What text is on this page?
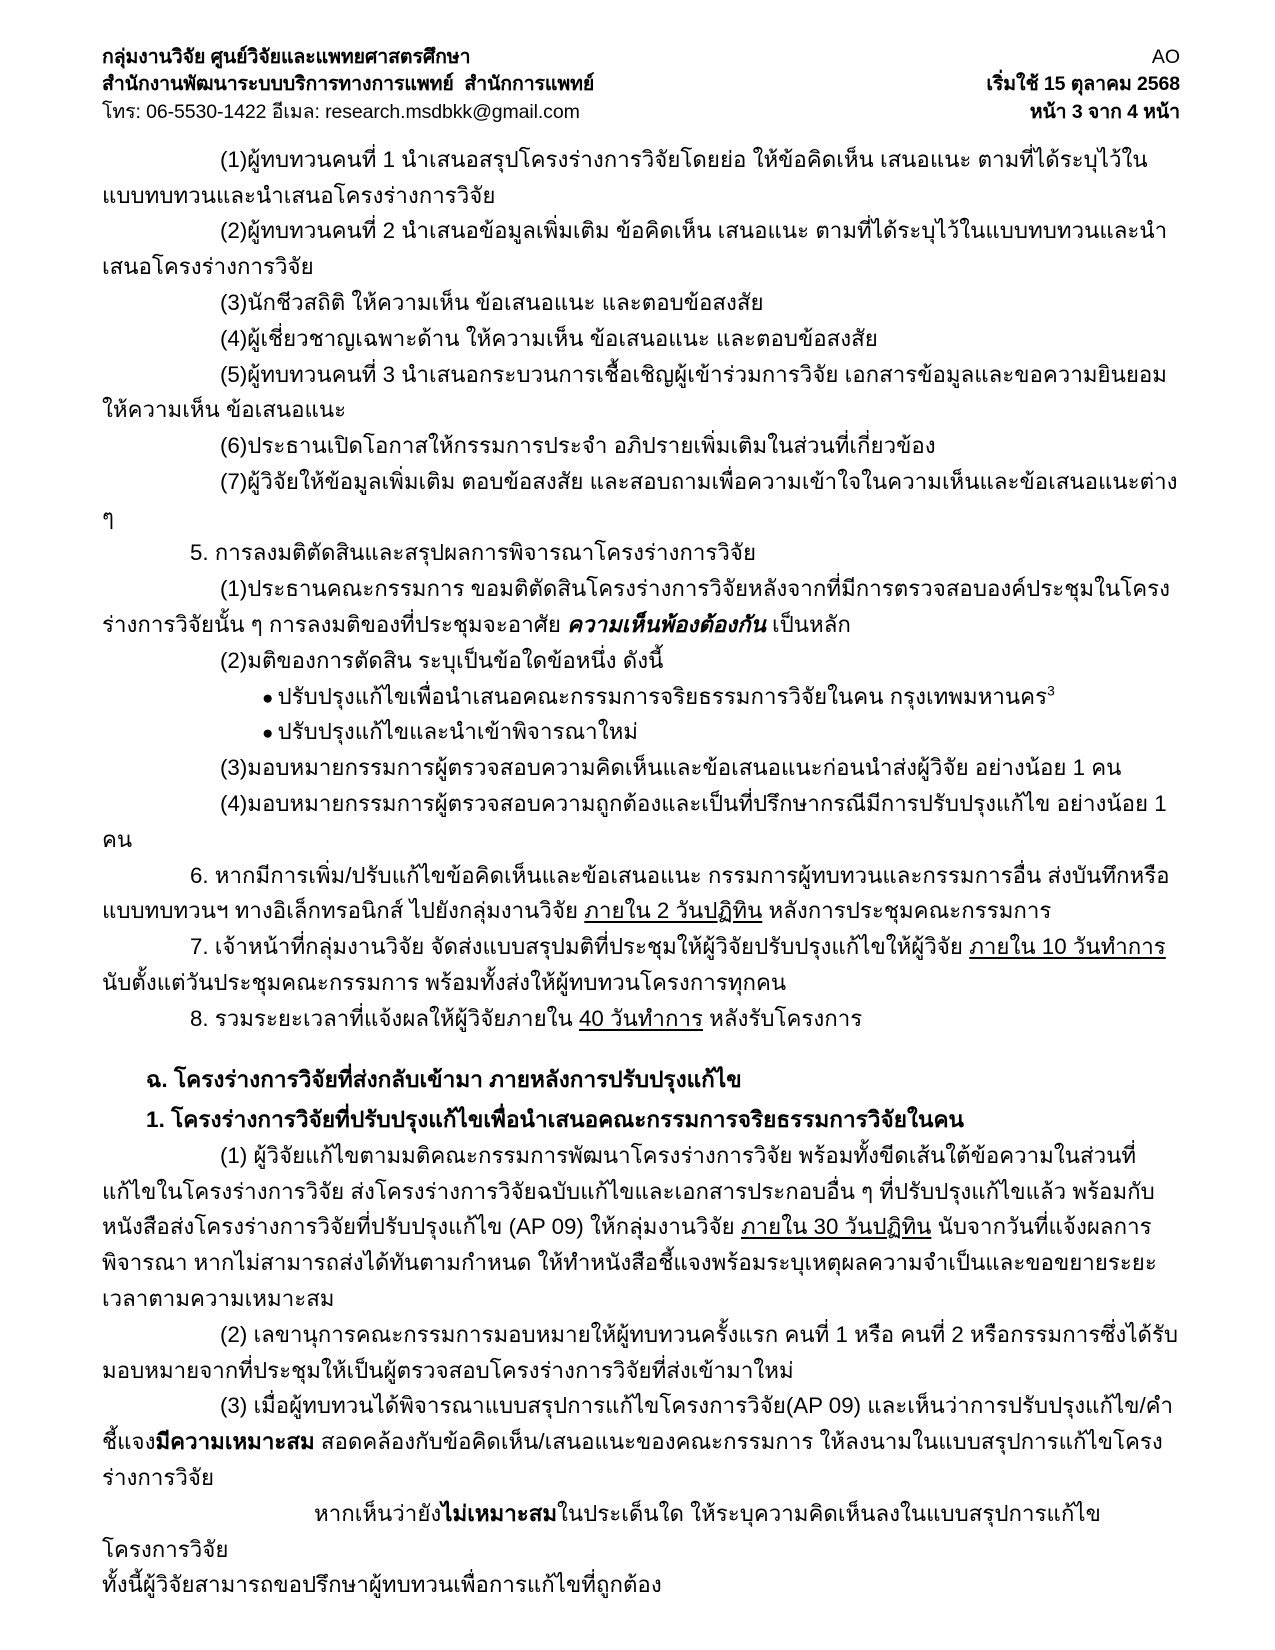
กลุ่มงานวิจัย ศูนย์วิจัยและแพทยศาสตรศึกษา
สำนักงานพัฒนาระบบบริการทางการแพทย์  สำนักการแพทย์
โทร: 06-5530-1422 อีเมล: research.msdbkk@gmail.com
AO
เริ่มใช้ 15 ตุลาคม 2568
หน้า 3 จาก 4 หน้า

(1)ผู้ทบทวนคนที่ 1 นำเสนอสรุปโครงร่างการวิจัยโดยย่อ ให้ข้อคิดเห็น เสนอแนะ ตามที่ได้ระบุไว้ในแบบทบทวนและนำเสนอโครงร่างการวิจัย

(2)ผู้ทบทวนคนที่ 2 นำเสนอข้อมูลเพิ่มเติม ข้อคิดเห็น เสนอแนะ ตามที่ได้ระบุไว้ในแบบทบทวนและนำเสนอโครงร่างการวิจัย

(3)นักชีวสถิติ ให้ความเห็น ข้อเสนอแนะ และตอบข้อสงสัย

(4)ผู้เชี่ยวชาญเฉพาะด้าน ให้ความเห็น ข้อเสนอแนะ และตอบข้อสงสัย

(5)ผู้ทบทวนคนที่ 3 นำเสนอกระบวนการเชื้อเชิญผู้เข้าร่วมการวิจัย เอกสารข้อมูลและขอความยินยอม ให้ความเห็น ข้อเสนอแนะ

(6)ประธานเปิดโอกาสให้กรรมการประจำ อภิปรายเพิ่มเติมในส่วนที่เกี่ยวข้อง

(7)ผู้วิจัยให้ข้อมูลเพิ่มเติม ตอบข้อสงสัย และสอบถามเพื่อความเข้าใจในความเห็นและข้อเสนอแนะต่าง ๆ

5. การลงมติตัดสินและสรุปผลการพิจารณาโครงร่างการวิจัย

(1)ประธานคณะกรรมการ ขอมติตัดสินโครงร่างการวิจัยหลังจากที่มีการตรวจสอบองค์ประชุมในโครงร่างการวิจัยนั้น ๆ การลงมติของที่ประชุมจะอาศัย ความเห็นพ้องต้องกัน เป็นหลัก

(2)มติของการตัดสิน ระบุเป็นข้อใดข้อหนึ่ง ดังนี้

● ปรับปรุงแก้ไขเพื่อนำเสนอคณะกรรมการจริยธรรมการวิจัยในคน กรุงเทพมหานคร$^3$

● ปรับปรุงแก้ไขและนำเข้าพิจารณาใหม่

(3)มอบหมายกรรมการผู้ตรวจสอบความคิดเห็นและข้อเสนอแนะก่อนนำส่งผู้วิจัย อย่างน้อย 1 คน

(4)มอบหมายกรรมการผู้ตรวจสอบความถูกต้องและเป็นที่ปรึกษากรณีมีการปรับปรุงแก้ไข อย่างน้อย 1 คน

6. หากมีการเพิ่ม/ปรับแก้ไขข้อคิดเห็นและข้อเสนอแนะ กรรมการผู้ทบทวนและกรรมการอื่น ส่งบันทึกหรือแบบทบทวนฯ ทางอิเล็กทรอนิกส์ ไปยังกลุ่มงานวิจัย ภายใน 2 วันปฏิทิน หลังการประชุมคณะกรรมการ

7. เจ้าหน้าที่กลุ่มงานวิจัย จัดส่งแบบสรุปมติที่ประชุมให้ผู้วิจัยปรับปรุงแก้ไขให้ผู้วิจัย ภายใน 10 วันทำการ นับตั้งแต่วันประชุมคณะกรรมการ พร้อมทั้งส่งให้ผู้ทบทวนโครงการทุกคน

8. รวมระยะเวลาที่แจ้งผลให้ผู้วิจัยภายใน 40 วันทำการ หลังรับโครงการ

ฉ. โครงร่างการวิจัยที่ส่งกลับเข้ามา ภายหลังการปรับปรุงแก้ไข

1. โครงร่างการวิจัยที่ปรับปรุงแก้ไขเพื่อนำเสนอคณะกรรมการจริยธรรมการวิจัยในคน

(1) ผู้วิจัยแก้ไขตามมติคณะกรรมการพัฒนาโครงร่างการวิจัย พร้อมทั้งขีดเส้นใต้ข้อความในส่วนที่แก้ไขในโครงร่างการวิจัย ส่งโครงร่างการวิจัยฉบับแก้ไขและเอกสารประกอบอื่น ๆ ที่ปรับปรุงแก้ไขแล้ว พร้อมกับหนังสือส่งโครงร่างการวิจัยที่ปรับปรุงแก้ไข (AP 09) ให้กลุ่มงานวิจัย ภายใน 30 วันปฏิทิน นับจากวันที่แจ้งผลการพิจารณา หากไม่สามารถส่งได้ทันตามกำหนด ให้ทำหนังสือชี้แจงพร้อมระบุเหตุผลความจำเป็นและขอขยายระยะเวลาตามความเหมาะสม

(2) เลขานุการคณะกรรมการมอบหมายให้ผู้ทบทวนครั้งแรก คนที่ 1 หรือ คนที่ 2 หรือกรรมการซึ่งได้รับมอบหมายจากที่ประชุมให้เป็นผู้ตรวจสอบโครงร่างการวิจัยที่ส่งเข้ามาใหม่

(3) เมื่อผู้ทบทวนได้พิจารณาแบบสรุปการแก้ไขโครงการวิจัย(AP 09) และเห็นว่าการปรับปรุงแก้ไข/คำชี้แจงมีความเหมาะสม สอดคล้องกับข้อคิดเห็น/เสนอแนะของคณะกรรมการ ให้ลงนามในแบบสรุปการแก้ไขโครงร่างการวิจัย

หากเห็นว่ายังไม่เหมาะสมในประเด็นใด ให้ระบุความคิดเห็นลงในแบบสรุปการแก้ไขโครงการวิจัย

ทั้งนี้ผู้วิจัยสามารถขอปรึกษาผู้ทบทวนเพื่อการแก้ไขที่ถูกต้อง
